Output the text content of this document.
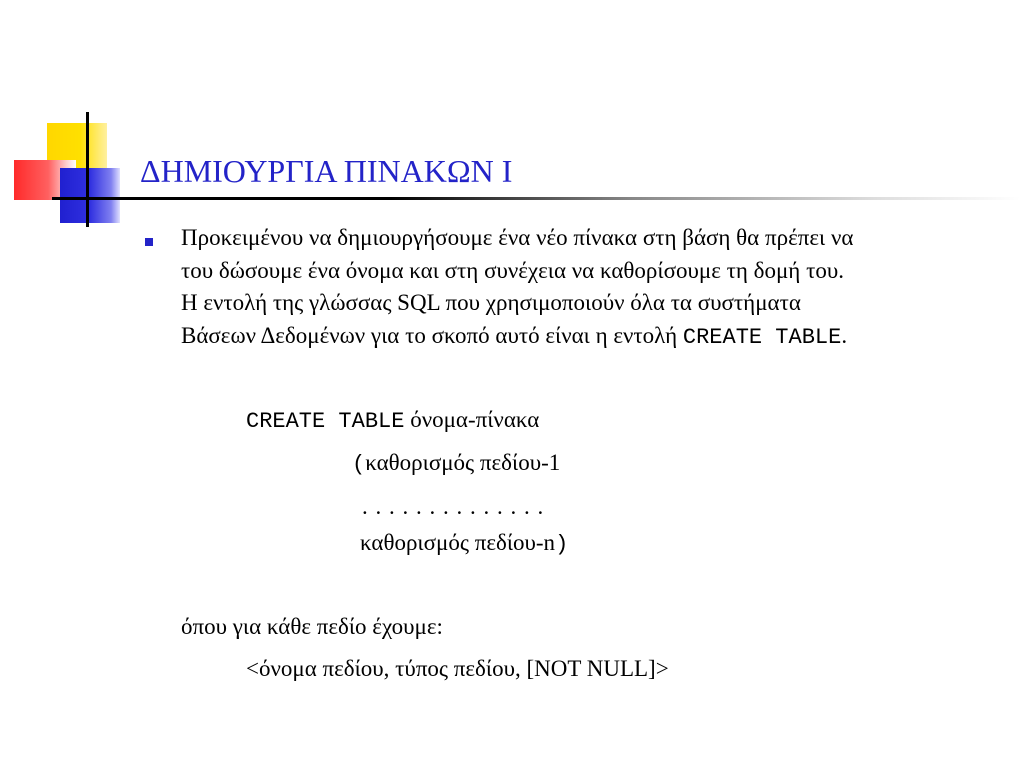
ΔΗΜΙΟΥΡΓΙΑ ΠΙΝΑΚΩΝ Ι
Προκειμένου να δημιουργήσουμε ένα νέο πίνακα στη βάση θα πρέπει να
του δώσουμε ένα όνομα και στη συνέχεια να καθορίσουμε τη δομή του.
Η εντολή της γλώσσας SQL που χρησιμοποιούν όλα τα συστήματα
Βάσεων Δεδομένων για το σκοπό αυτό είναι η εντολή CREATE TABLE.
CREATE TABLE όνομα-πίνακα
(καθορισμός πεδίου-1
. . . . . . . . . . . . . .
καθορισμός πεδίου-n)
όπου για κάθε πεδίο έχουμε:
<όνομα πεδίου, τύπος πεδίου, [NOT NULL]>
